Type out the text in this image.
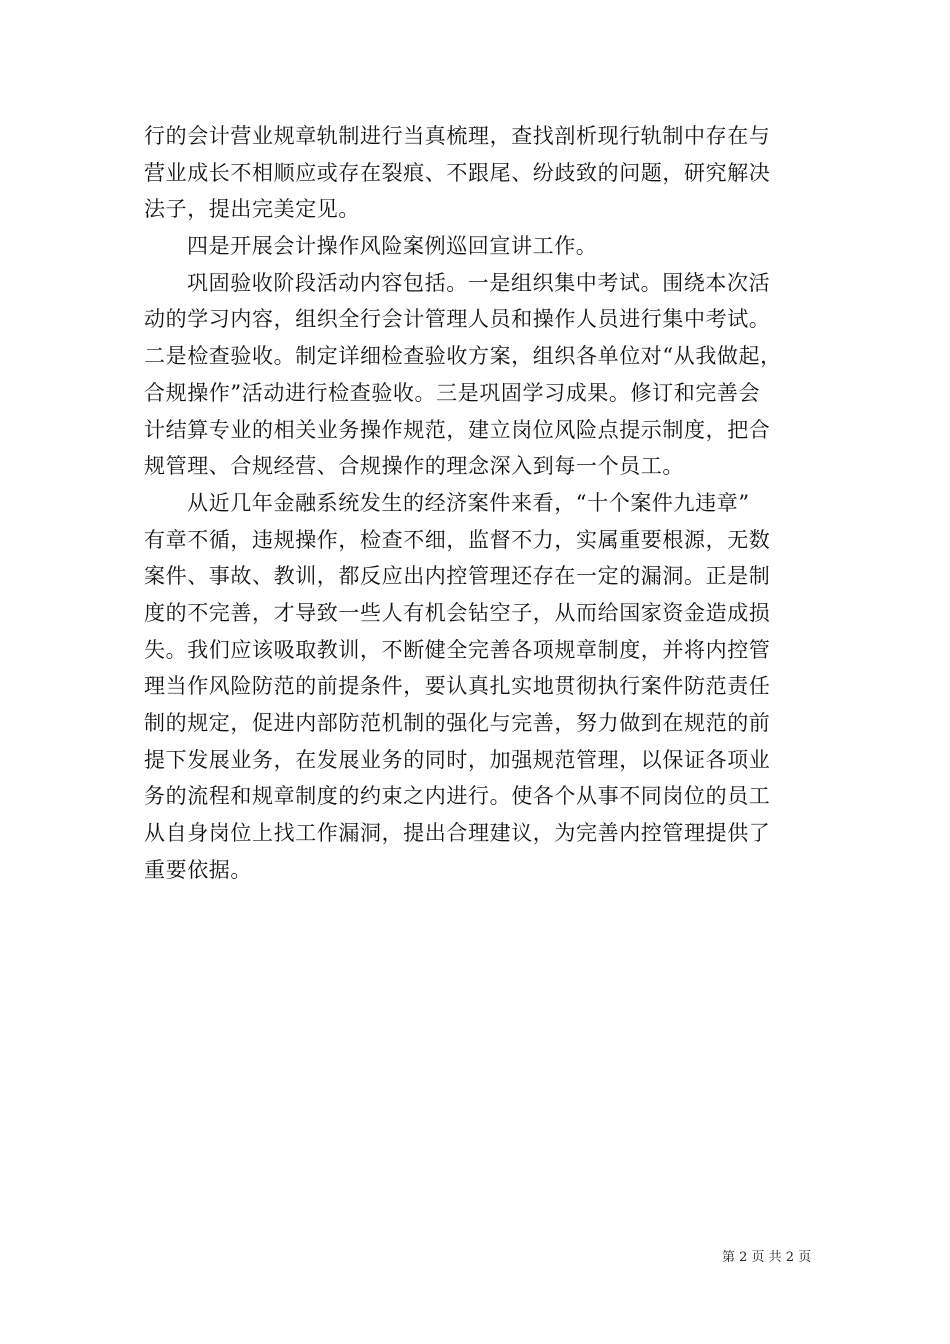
行的会计营业规章轨制进行当真梳理，查找剖析现行轨制中存在与
营业成长不相顺应或存在裂痕、不跟尾、纷歧致的问题，研究解决
法子，提出完美定见。
四是开展会计操作风险案例巡回宣讲工作。
巩固验收阶段活动内容包括。一是组织集中考试。围绕本次活
动的学习内容，组织全行会计管理人员和操作人员进行集中考试。
二是检查验收。制定详细检查验收方案，组织各单位对“从我做起，
合规操作”活动进行检查验收。三是巩固学习成果。修订和完善会
计结算专业的相关业务操作规范，建立岗位风险点提示制度，把合
规管理、合规经营、合规操作的理念深入到每一个员工。
从近几年金融系统发生的经济案件来看，“十个案件九违章”
有章不循，违规操作，检查不细，监督不力，实属重要根源，无数
案件、事故、教训，都反应出内控管理还存在一定的漏洞。正是制
度的不完善，才导致一些人有机会钻空子，从而给国家资金造成损
失。我们应该吸取教训，不断健全完善各项规章制度，并将内控管
理当作风险防范的前提条件，要认真扎实地贯彻执行案件防范责任
制的规定，促进内部防范机制的强化与完善，努力做到在规范的前
提下发展业务，在发展业务的同时，加强规范管理，以保证各项业
务的流程和规章制度的约束之内进行。使各个从事不同岗位的员工
从自身岗位上找工作漏洞，提出合理建议，为完善内控管理提供了
重要依据。
第 2 页 共 2 页
